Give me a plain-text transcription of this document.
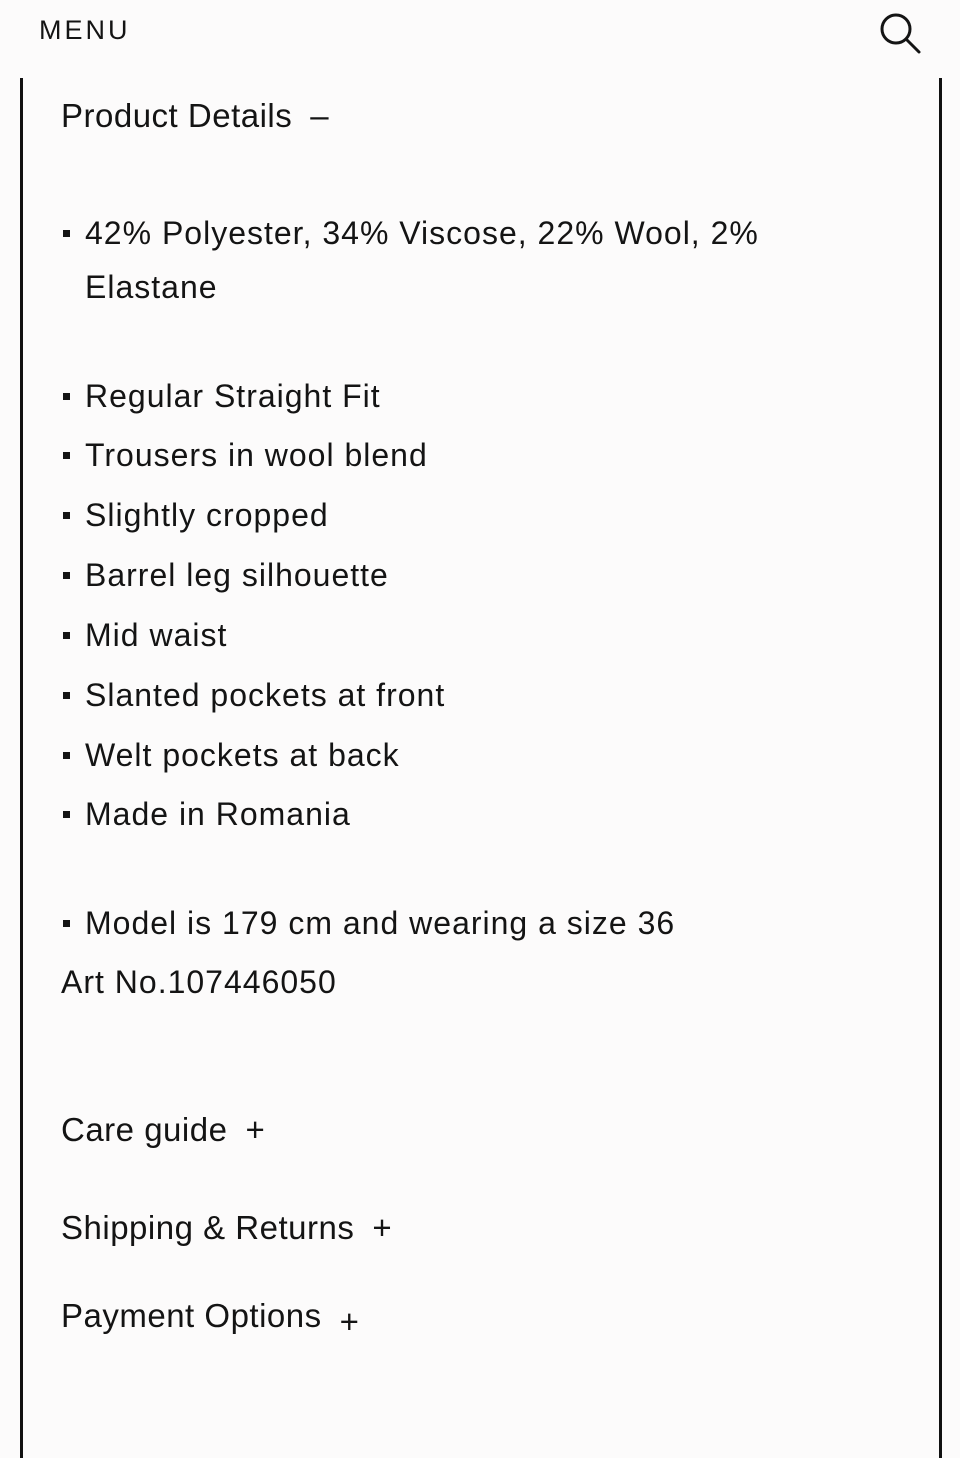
MENU
Product Details –
42% Polyester, 34% Viscose, 22% Wool, 2% Elastane
Regular Straight Fit
Trousers in wool blend
Slightly cropped
Barrel leg silhouette
Mid waist
Slanted pockets at front
Welt pockets at back
Made in Romania
Model is 179 cm and wearing a size 36
Art No.107446050
Care guide +
Shipping & Returns +
Payment Options +
